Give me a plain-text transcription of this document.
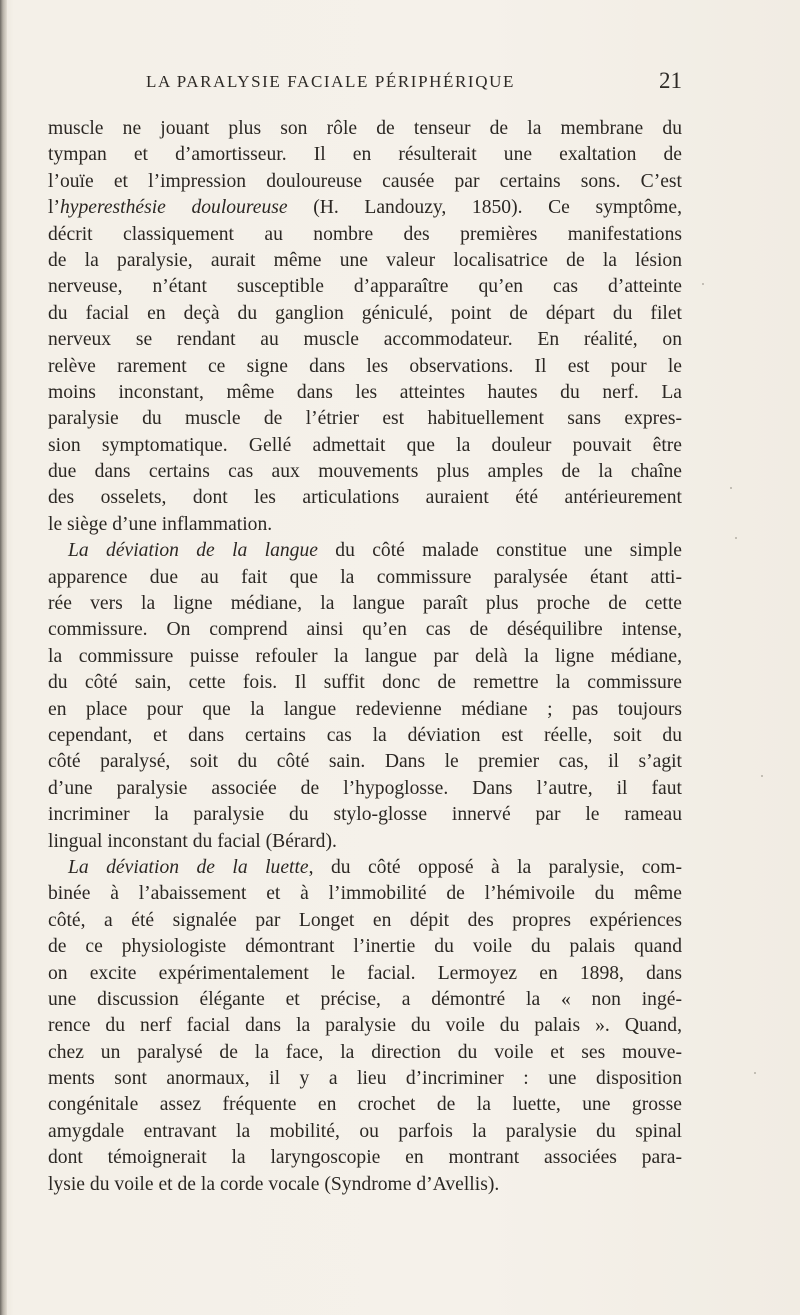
LA PARALYSIE FACIALE PÉRIPHÉRIQUE	21
muscle ne jouant plus son rôle de tenseur de la membrane du
tympan et d’amortisseur. Il en résulterait une exaltation de
l’ouïe et l’impression douloureuse causée par certains sons. C’est
l’hyperesthésie douloureuse (H. Landouzy, 1850). Ce symptôme,
décrit classiquement au nombre des premières manifestations
de la paralysie, aurait même une valeur localisatrice de la lésion
nerveuse, n’étant susceptible d’apparaître qu’en cas d’atteinte
du facial en deçà du ganglion géniculé, point de départ du filet
nerveux se rendant au muscle accommodateur. En réalité, on
relève rarement ce signe dans les observations. Il est pour le
moins inconstant, même dans les atteintes hautes du nerf. La
paralysie du muscle de l’étrier est habituellement sans expres-
sion symptomatique. Gellé admettait que la douleur pouvait être
due dans certains cas aux mouvements plus amples de la chaîne
des osselets, dont les articulations auraient été antérieurement
le siège d’une inflammation.
La déviation de la langue du côté malade constitue une simple
apparence due au fait que la commissure paralysée étant atti-
rée vers la ligne médiane, la langue paraît plus proche de cette
commissure. On comprend ainsi qu’en cas de déséquilibre intense,
la commissure puisse refouler la langue par delà la ligne médiane,
du côté sain, cette fois. Il suffit donc de remettre la commissure
en place pour que la langue redevienne médiane ; pas toujours
cependant, et dans certains cas la déviation est réelle, soit du
côté paralysé, soit du côté sain. Dans le premier cas, il s’agit
d’une paralysie associée de l’hypoglosse. Dans l’autre, il faut
incriminer la paralysie du stylo-glosse innervé par le rameau
lingual inconstant du facial (Bérard).
La déviation de la luette, du côté opposé à la paralysie, com-
binée à l’abaissement et à l’immobilité de l’hémivoile du même
côté, a été signalée par Longet en dépit des propres expériences
de ce physiologiste démontrant l’inertie du voile du palais quand
on excite expérimentalement le facial. Lermoyez en 1898, dans
une discussion élégante et précise, a démontré la « non ingé-
rence du nerf facial dans la paralysie du voile du palais ». Quand,
chez un paralysé de la face, la direction du voile et ses mouve-
ments sont anormaux, il y a lieu d’incriminer : une disposition
congénitale assez fréquente en crochet de la luette, une grosse
amygdale entravant la mobilité, ou parfois la paralysie du spinal
dont témoignerait la laryngoscopie en montrant associées para-
lysie du voile et de la corde vocale (Syndrome d’Avellis).
